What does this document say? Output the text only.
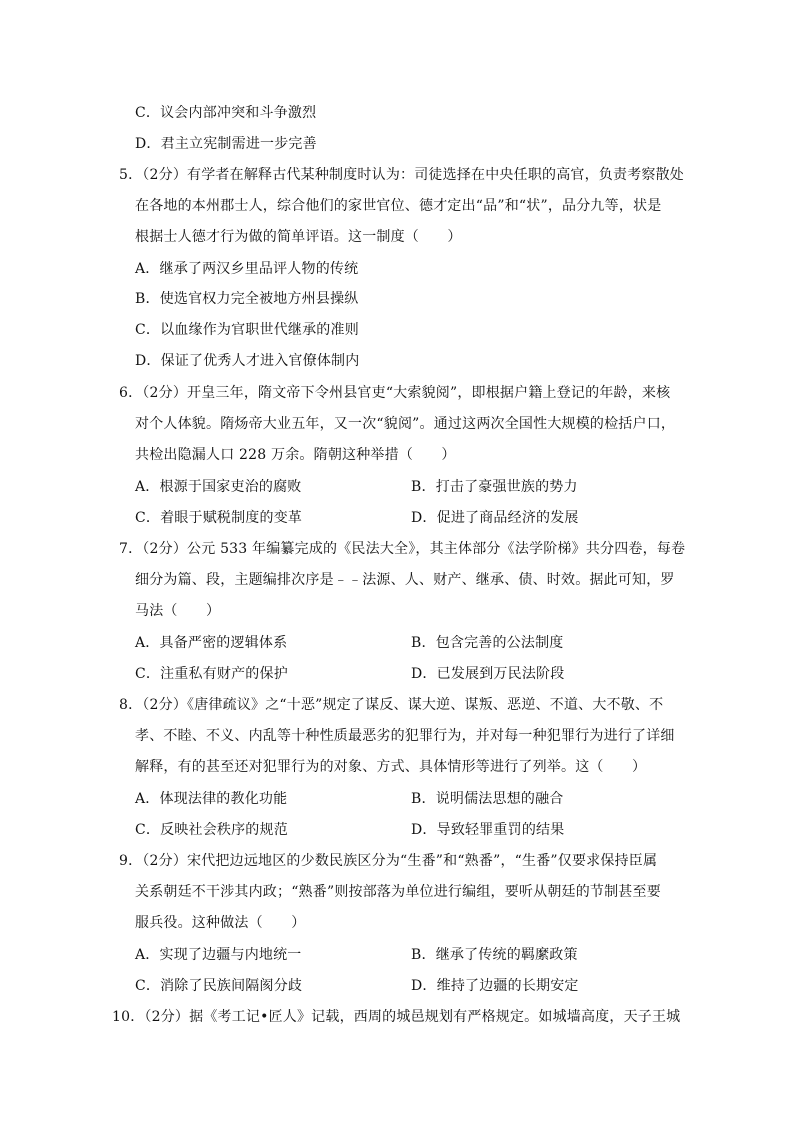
C．议会内部冲突和斗争激烈
D．君主立宪制需进一步完善
5．（2分）有学者在解释古代某种制度时认为：司徒选择在中央任职的高官，负责考察散处
在各地的本州郡士人，综合他们的家世官位、德才定出“品”和“状”，品分九等，状是
根据士人德才行为做的简单评语。这一制度（　　）
A．继承了两汉乡里品评人物的传统
B．使选官权力完全被地方州县操纵
C．以血缘作为官职世代继承的准则
D．保证了优秀人才进入官僚体制内
6．（2分）开皇三年，隋文帝下令州县官吏“大索貌阅”，即根据户籍上登记的年龄，来核
对个人体貌。隋炀帝大业五年，又一次“貌阅”。通过这两次全国性大规模的检括户口，
共检出隐漏人口 228 万余。隋朝这种举措（　　）
A．根源于国家吏治的腐败	B．打击了豪强世族的势力
C．着眼于赋税制度的变革	D．促进了商品经济的发展
7．（2分）公元 533 年编纂完成的《民法大全》，其主体部分《法学阶梯》共分四卷，每卷
细分为篇、段，主题编排次序是﹣﹣法源、人、财产、继承、债、时效。据此可知，罗
马法（　　）
A．具备严密的逻辑体系	B．包含完善的公法制度
C．注重私有财产的保护	D．已发展到万民法阶段
8．（2分）《唐律疏议》之“十恶”规定了谋反、谋大逆、谋叛、恶逆、不道、大不敬、不
孝、不睦、不义、内乱等十种性质最恶劣的犯罪行为，并对每一种犯罪行为进行了详细
解释，有的甚至还对犯罪行为的对象、方式、具体情形等进行了列举。这（　　）
A．体现法律的教化功能	B．说明儒法思想的融合
C．反映社会秩序的规范	D．导致轻罪重罚的结果
9．（2分）宋代把边远地区的少数民族区分为“生番”和“熟番”，“生番”仅要求保持臣属
关系朝廷不干涉其内政；“熟番”则按部落为单位进行编组，要听从朝廷的节制甚至要
服兵役。这种做法（　　）
A．实现了边疆与内地统一	B．继承了传统的羁縻政策
C．消除了民族间隔阂分歧	D．维持了边疆的长期安定
10．（2分）据《考工记•匠人》记载，西周的城邑规划有严格规定。如城墙高度，天子王城
